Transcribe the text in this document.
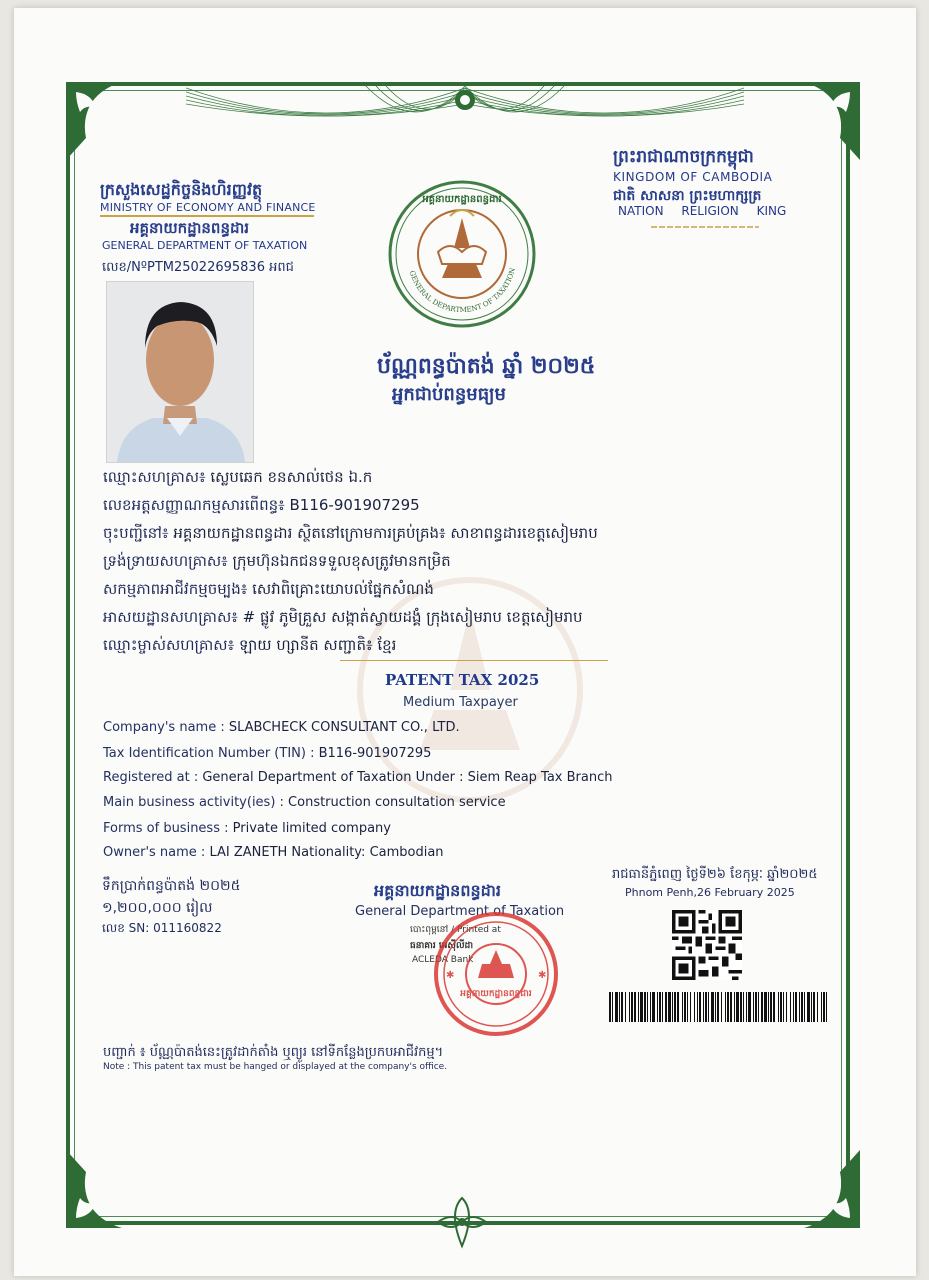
ក្រសួងសេដ្ឋកិច្ចនិងហិរញ្ញវត្ថុ
MINISTRY OF ECONOMY AND FINANCE
អគ្គនាយកដ្ឋានពន្ធដារ
GENERAL DEPARTMENT OF TAXATION
លេខ/NºPTM25022695836 អពជ
ព្រះរាជាណាចក្រកម្ពុជា
KINGDOM OF CAMBODIA
ជាតិ សាសនា ព្រះមហាក្សត្រ
NATION RELIGION KING
GENERAL DEPARTMENT OF TAXATION
អគ្គនាយកដ្ឋានពន្ធដារ
ប័ណ្ណពន្ធប៉ាតង់ ឆ្នាំ ២០២៥
អ្នកជាប់ពន្ធមធ្យម
ឈ្មោះសហគ្រាស៖ ស្លេបឆេក ខនសាល់ថេន ឯ.ក
លេខអត្តសញ្ញាណកម្មសារពើពន្ធ៖ B116-901907295
ចុះបញ្ជីនៅ៖ អគ្គនាយកដ្ឋានពន្ធដារ ស្ថិតនៅក្រោមការគ្រប់គ្រង៖ សាខាពន្ធដារខេត្តសៀមរាប
ទ្រង់ទ្រាយសហគ្រាស៖ ក្រុមហ៊ុនឯកជនទទួលខុសត្រូវមានកម្រិត
សកម្មភាពអាជីវកម្មចម្បង៖ សេវាពិគ្រោះយោបល់ផ្នែកសំណង់
អាសយដ្ឋានសហគ្រាស៖ # ផ្លូវ ភូមិគ្រួស សង្កាត់ស្វាយដង្គំ ក្រុងសៀមរាប ខេត្តសៀមរាប
ឈ្មោះម្ចាស់សហគ្រាស៖ ឡាយ ហ្សានីត សញ្ជាតិ៖ ខ្មែរ
PATENT TAX 2025
Medium Taxpayer
Company's name : SLABCHECK CONSULTANT CO., LTD.
Tax Identification Number (TIN) : B116-901907295
Registered at : General Department of Taxation Under : Siem Reap Tax Branch
Main business activity(ies) : Construction consultation service
Forms of business : Private limited company
Owner's name : LAI ZANETH Nationality: Cambodian
ទឹកប្រាក់ពន្ធប៉ាតង់ ២០២៥
១,២០០,០០០ រៀល
លេខ SN: 011160822
អគ្គនាយកដ្ឋានពន្ធដារ
General Department of Taxation
បោះពុម្ពនៅ / Printed at
ធនាគារ អេស៊ីលីដា
ACLEDA Bank
អគ្គនាយកដ្ឋានពន្ធដារ
✱	✱
រាជធានីភ្នំពេញ ថ្ងៃទី២៦ ខែកុម្ភៈ ឆ្នាំ២០២៥
Phnom Penh,26 February 2025
បញ្ជាក់ ៖ ប័ណ្ណប៉ាតង់នេះត្រូវដាក់តាំង ឬព្យួរ នៅទីកន្លែងប្រកបអាជីវកម្ម។
Note : This patent tax must be hanged or displayed at the company's office.
